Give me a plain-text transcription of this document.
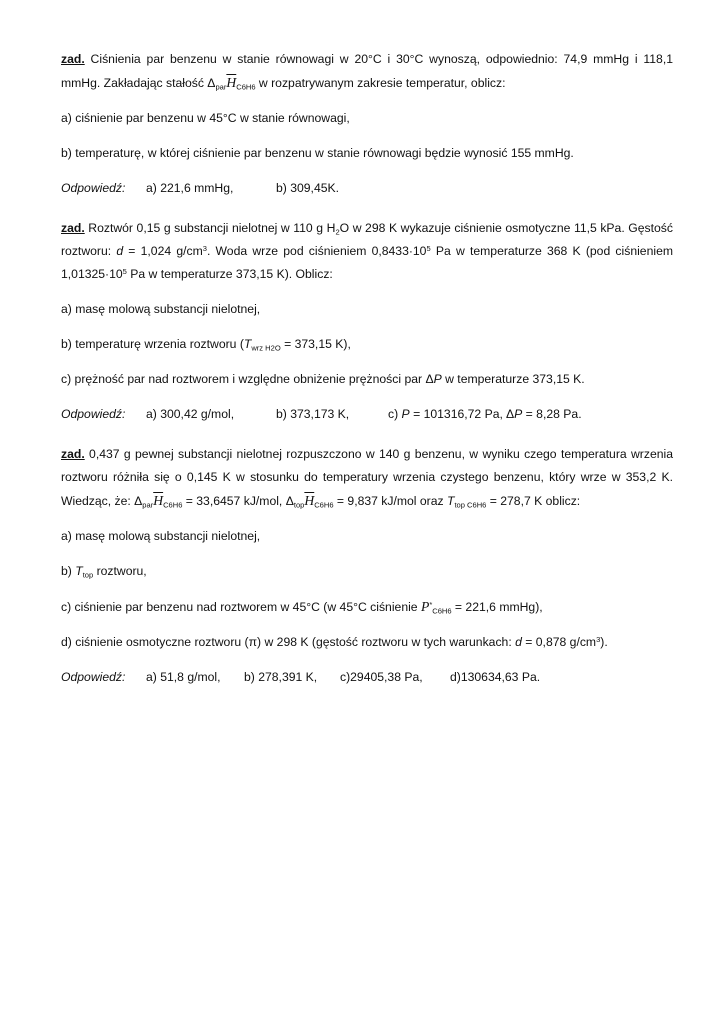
zad. Ciśnienia par benzenu w stanie równowagi w 20°C i 30°C wynoszą, odpowiednio: 74,9 mmHg i 118,1 mmHg. Zakładając stałość $\Delta_{par}\overline{H}_{C6H6}$ w rozpatrywanym zakresie temperatur, oblicz:

a) ciśnienie par benzenu w 45°C w stanie równowagi,

b) temperaturę, w której ciśnienie par benzenu w stanie równowagi będzie wynosić 155 mmHg.

Odpowiedź:	a) 221,6 mmHg,	b) 309,45K.

zad. Roztwór 0,15 g substancji nielotnej w 110 g $H_2O$ w 298 K wykazuje ciśnienie osmotyczne 11,5 kPa. Gęstość roztworu: d = 1,024 $g/cm^3$. Woda wrze pod ciśnieniem $0,8433\cdot 10^5$ Pa w temperaturze 368 K (pod ciśnieniem $1,01325\cdot 10^5$ Pa w temperaturze 373,15 K). Oblicz:

a) masę molową substancji nielotnej,

b) temperaturę wrzenia roztworu ($T_{wrz H2O} = 373,15$ K),

c) prężność par nad roztworem i względne obniżenie prężności par ΔP w temperaturze 373,15 K.

Odpowiedź:	a) 300,42 g/mol,	b) 373,173 K,	c) P = 101316,72 Pa, ΔP = 8,28 Pa.

zad. 0,437 g pewnej substancji nielotnej rozpuszczono w 140 g benzenu, w wyniku czego temperatura wrzenia roztworu różniła się o 0,145 K w stosunku do temperatury wrzenia czystego benzenu, który wrze w 353,2 K. Wiedząc, że: $\Delta_{par}\overline{H}_{C6H6} = 33,6457$ kJ/mol, $\Delta_{top}\overline{H}_{C6H6} = 9,837$ kJ/mol oraz $T_{top C6H6} = 278,7$ K oblicz:

a) masę molową substancji nielotnej,

b) $T_{top}$ roztworu,

c) ciśnienie par benzenu nad roztworem w 45°C (w 45°C ciśnienie $P^*_{C6H6} = 221,6$ mmHg),

d) ciśnienie osmotyczne roztworu (π) w 298 K (gęstość roztworu w tych warunkach: d = 0,878 $g/cm^3$).

Odpowiedź:	a) 51,8 g/mol,	b) 278,391 K,	c)29405,38 Pa,	d)130634,63 Pa.
